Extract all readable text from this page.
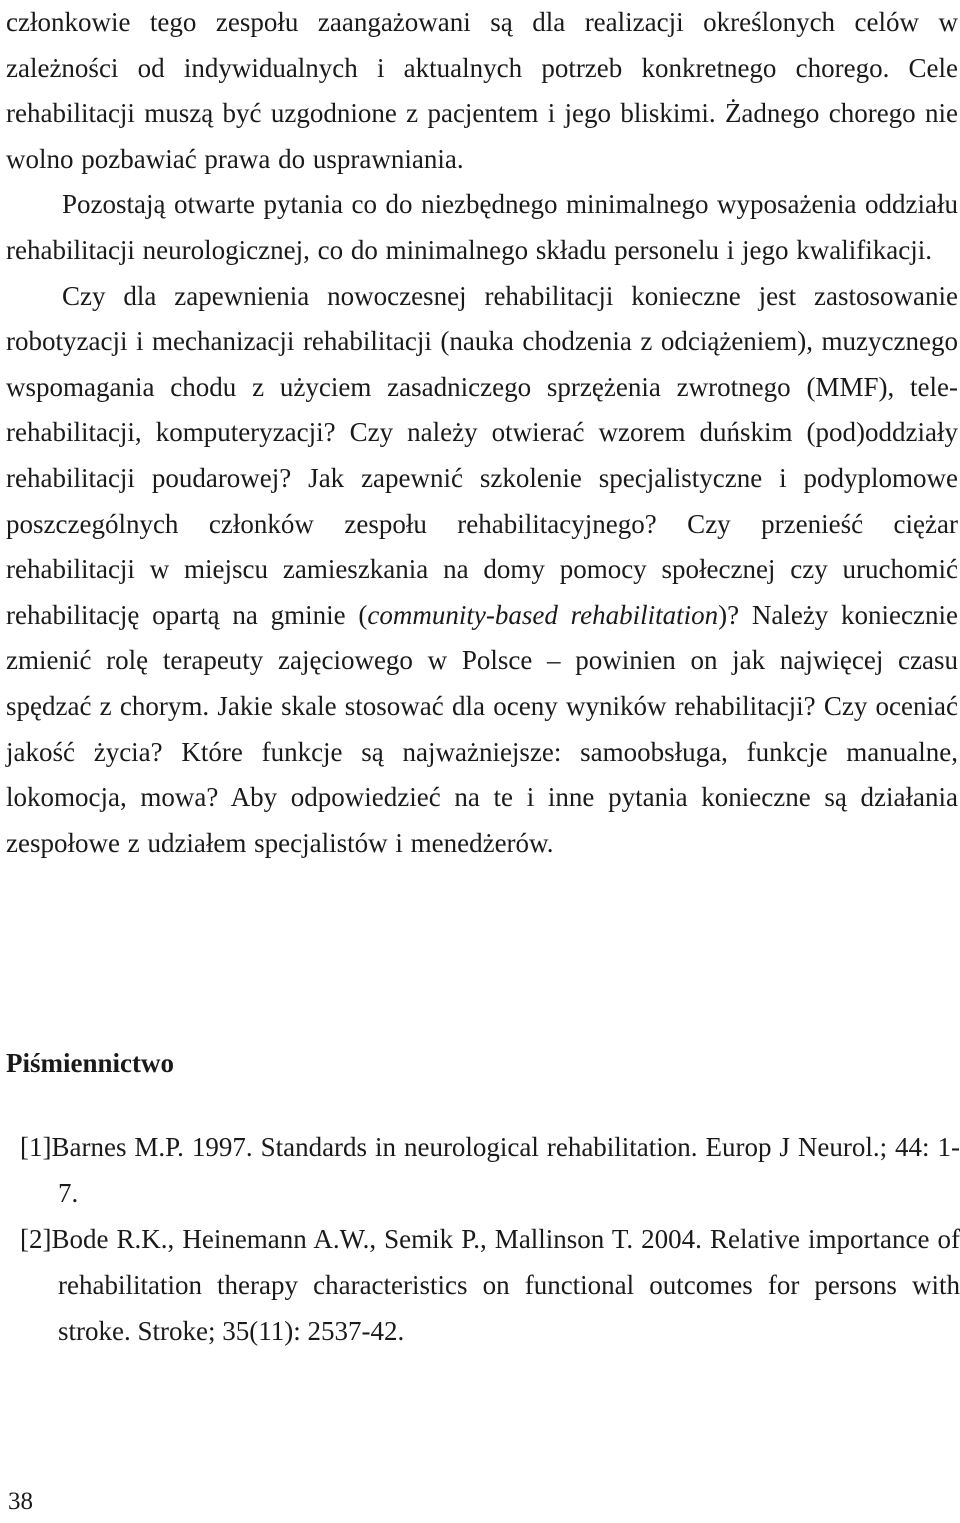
członkowie tego zespołu zaangażowani są dla realizacji określonych celów w zależności od indywidualnych i aktualnych potrzeb konkretnego chorego. Cele rehabilitacji muszą być uzgodnione z pacjentem i jego bliskimi. Żadnego chorego nie wolno pozbawiać prawa do usprawniania.

Pozostają otwarte pytania co do niezbędnego minimalnego wyposażenia oddziału rehabilitacji neurologicznej, co do minimalnego składu personelu i jego kwalifikacji.

Czy dla zapewnienia nowoczesnej rehabilitacji konieczne jest zastosowanie robotyzacji i mechanizacji rehabilitacji (nauka chodzenia z odciążeniem), muzycznego wspomagania chodu z użyciem zasadniczego sprzężenia zwrotnego (MMF), tele-rehabilitacji, komputeryzacji? Czy należy otwierać wzorem duńskim (pod)oddziały rehabilitacji poudarowej? Jak zapewnić szkolenie specjalistyczne i podyplomowe poszczególnych członków zespołu rehabilitacyjnego? Czy przenieść ciężar rehabilitacji w miejscu zamieszkania na domy pomocy społecznej czy uruchomić rehabilitację opartą na gminie (community-based rehabilitation)? Należy koniecznie zmienić rolę terapeuty zajęciowego w Polsce – powinien on jak najwięcej czasu spędzać z chorym. Jakie skale stosować dla oceny wyników rehabilitacji? Czy oceniać jakość życia? Które funkcje są najważniejsze: samoobsługa, funkcje manualne, lokomocja, mowa? Aby odpowiedzieć na te i inne pytania konieczne są działania zespołowe z udziałem specjalistów i menedżerów.

Piśmiennictwo
[1]Barnes M.P. 1997. Standards in neurological rehabilitation. Europ J Neurol.; 44: 1-7.
[2]Bode R.K., Heinemann A.W., Semik P., Mallinson T. 2004. Relative importance of rehabilitation therapy characteristics on functional outcomes for persons with stroke. Stroke; 35(11): 2537-42.
38
